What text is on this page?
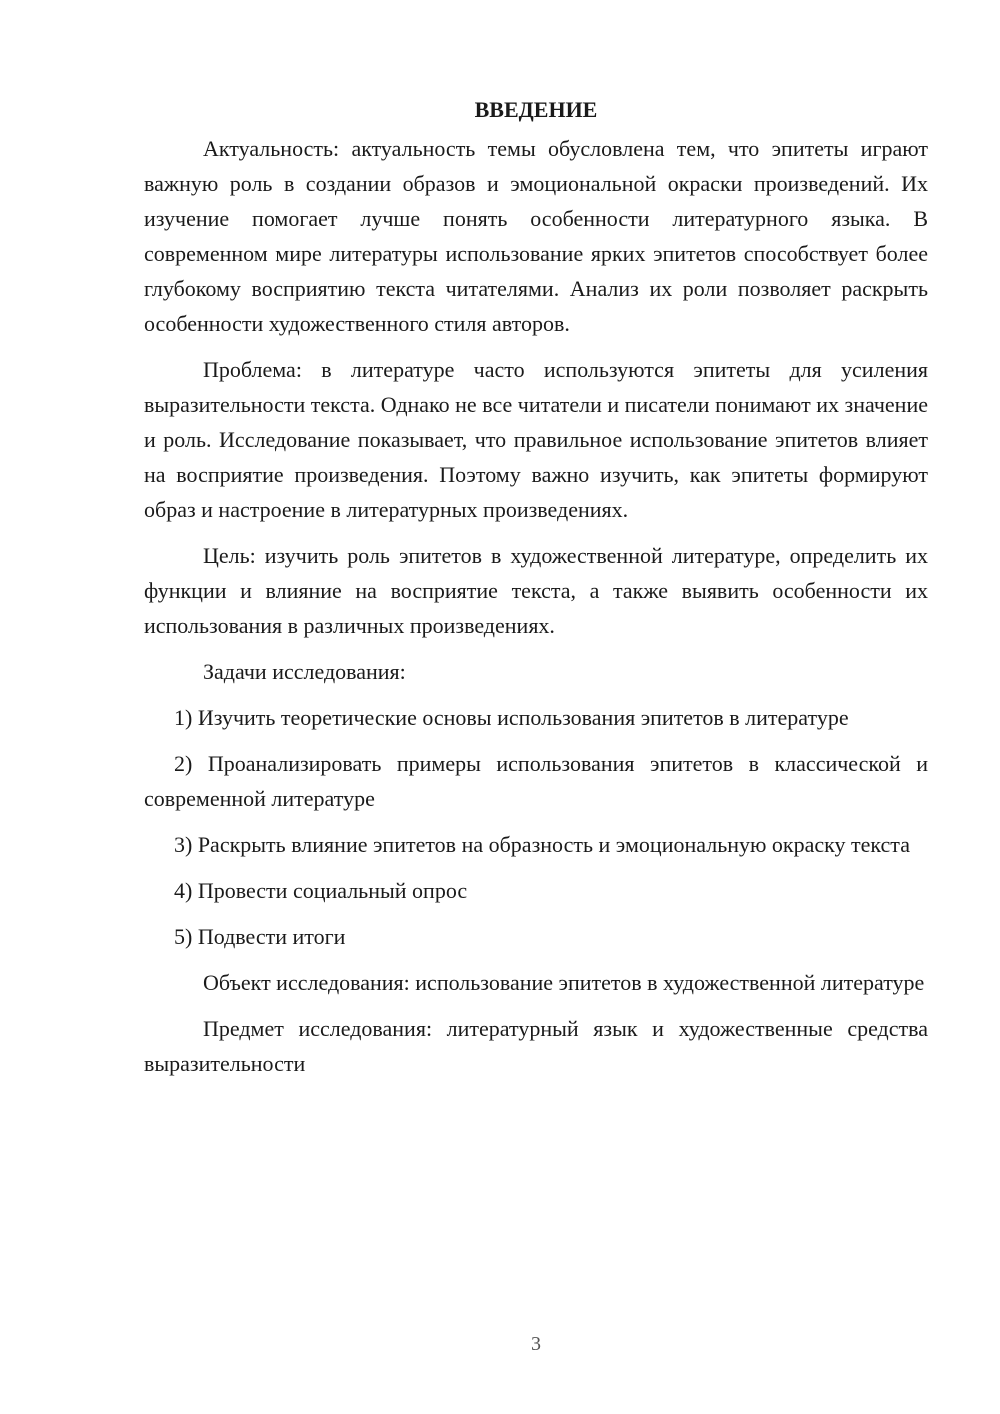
ВВЕДЕНИЕ

Актуальность: актуальность темы обусловлена тем, что эпитеты играют важную роль в создании образов и эмоциональной окраски произведений. Их изучение помогает лучше понять особенности литературного языка. В современном мире литературы использование ярких эпитетов способствует более глубокому восприятию текста читателями. Анализ их роли позволяет раскрыть особенности художественного стиля авторов.

Проблема: в литературе часто используются эпитеты для усиления выразительности текста. Однако не все читатели и писатели понимают их значение и роль. Исследование показывает, что правильное использование эпитетов влияет на восприятие произведения. Поэтому важно изучить, как эпитеты формируют образ и настроение в литературных произведениях.

Цель: изучить роль эпитетов в художественной литературе, определить их функции и влияние на восприятие текста, а также выявить особенности их использования в различных произведениях.

Задачи исследования:

1) Изучить теоретические основы использования эпитетов в литературе

2) Проанализировать примеры использования эпитетов в классической и современной литературе

3) Раскрыть влияние эпитетов на образность и эмоциональную окраску текста

4) Провести социальный опрос

5) Подвести итоги

Объект исследования: использование эпитетов в художественной литературе

Предмет исследования: литературный язык и художественные средства выразительности

3
